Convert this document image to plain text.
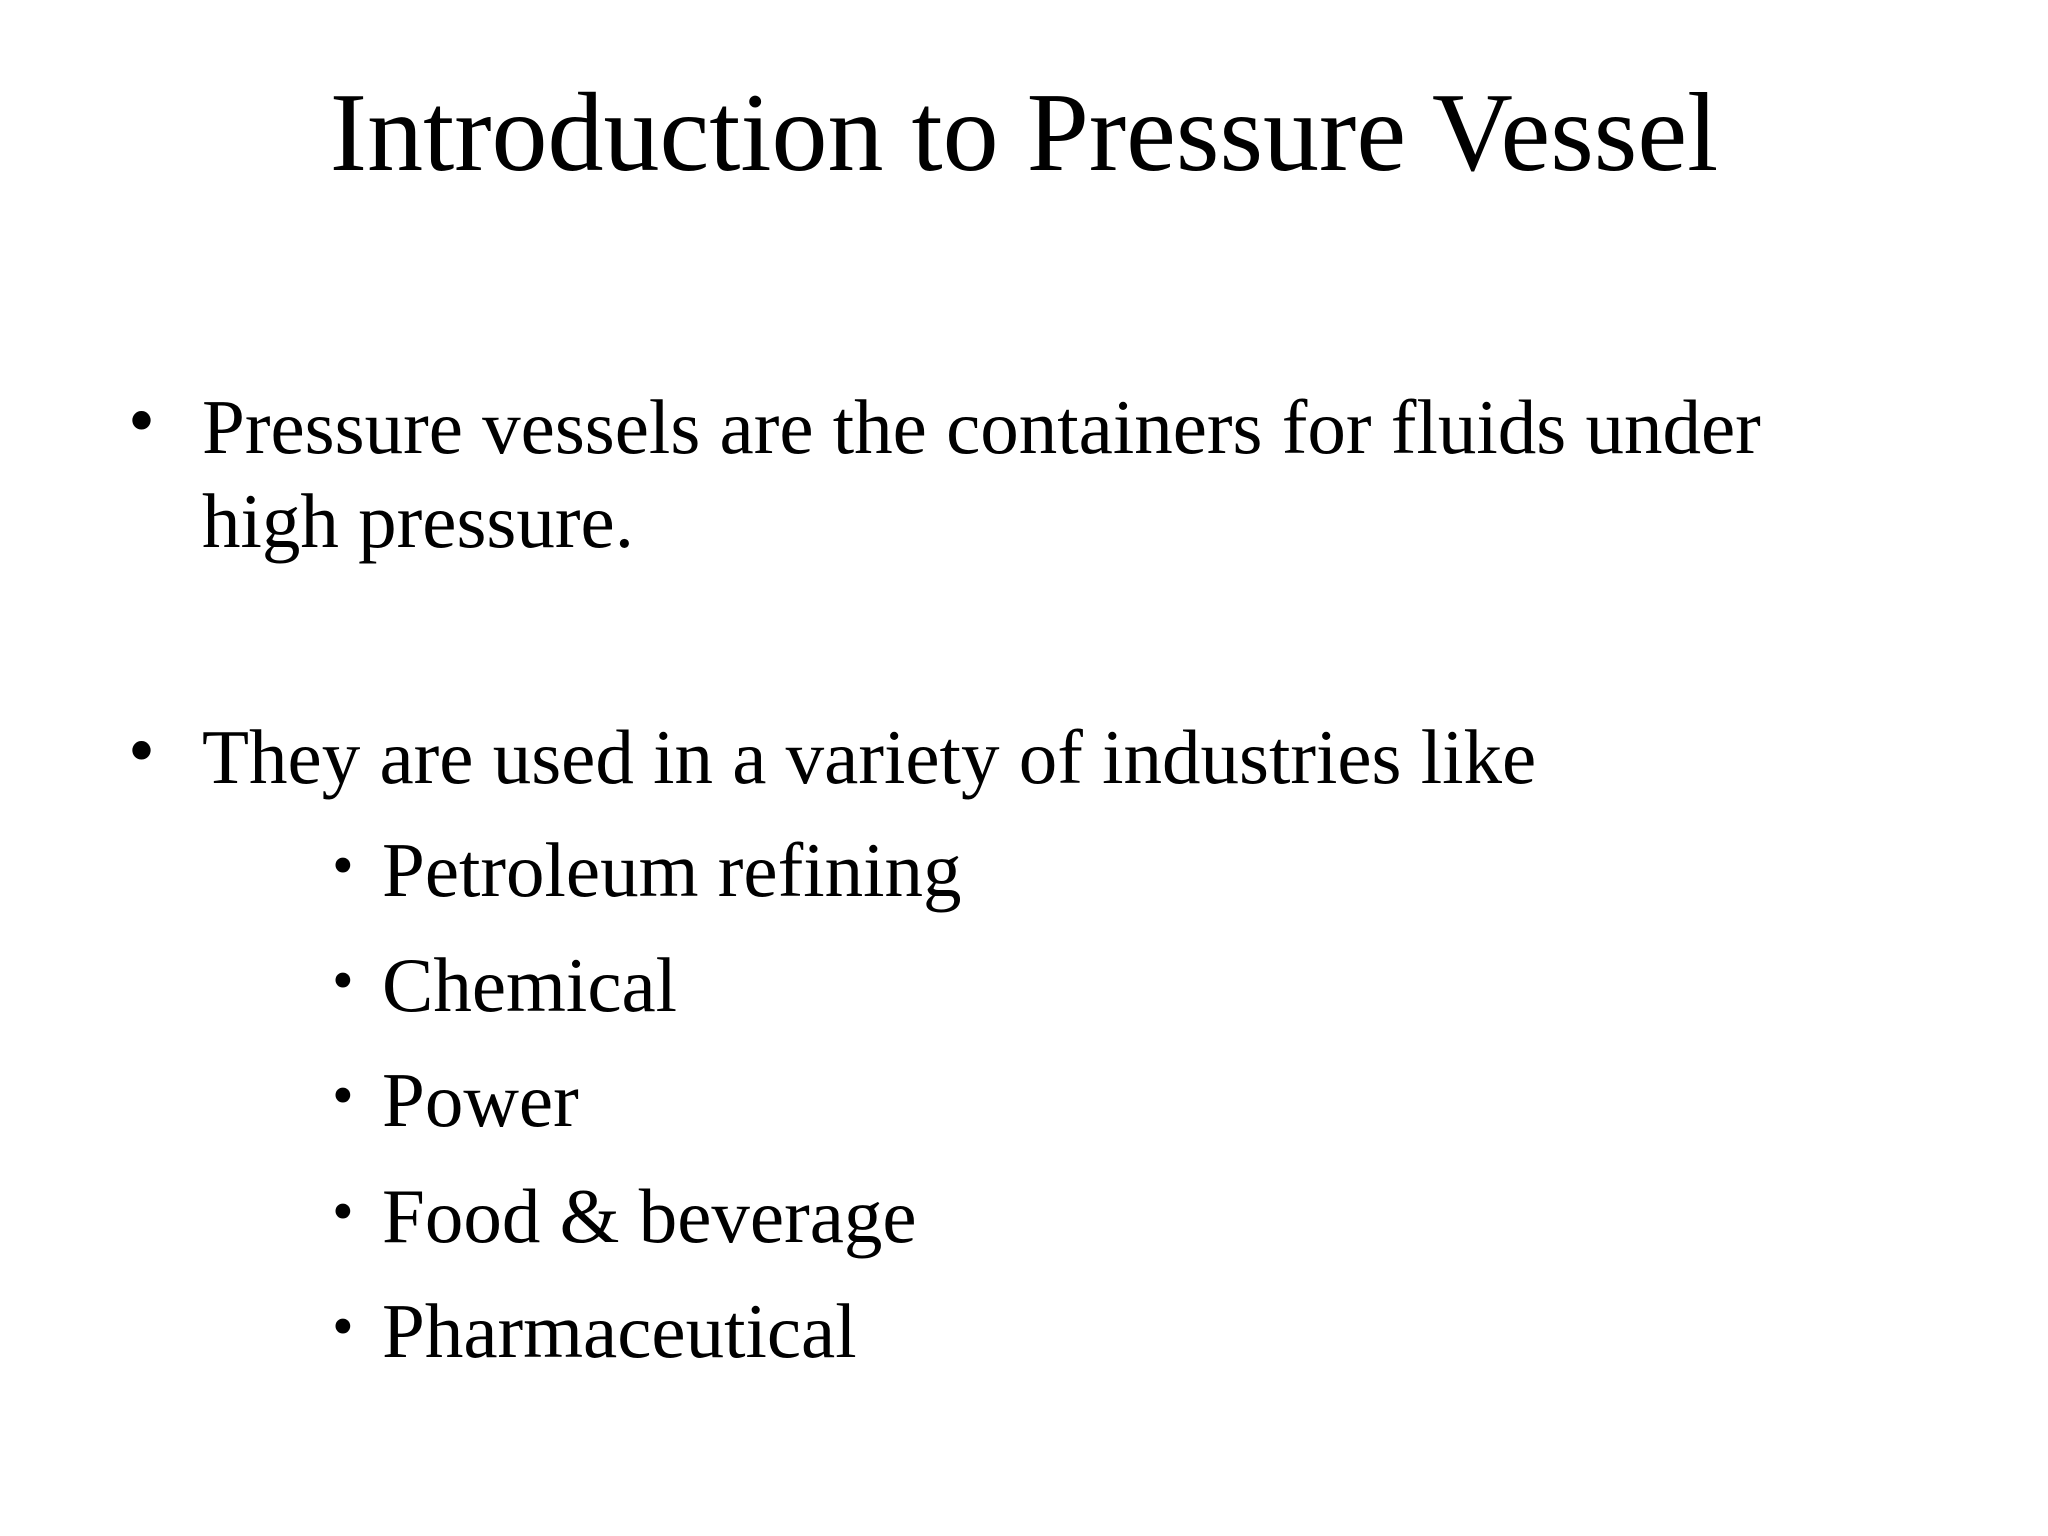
Introduction to Pressure Vessel
• Pressure vessels are the containers for fluids under
high pressure.
• They are used in a variety of industries like
• Petroleum refining
• Chemical
• Power
• Food & beverage
• Pharmaceutical
